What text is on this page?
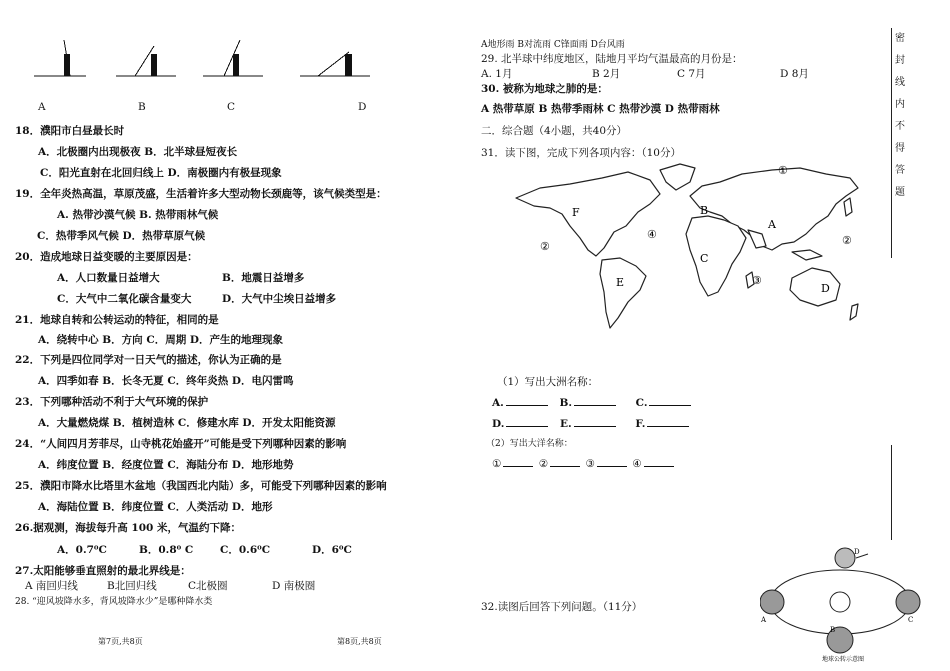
A	B	C	D
18．濮阳市白昼最长时
A．北极圈内出现极夜 B．北半球昼短夜长
C．阳光直射在北回归线上 D．南极圈内有极昼现象
19．全年炎热高温，草原茂盛，生活着许多大型动物长颈鹿等，该气候类型是：
A. 热带沙漠气候 B. 热带雨林气候
C．热带季风气候 D．热带草原气候
20．造成地球日益变暖的主要原因是：
A．人口数量日益增大	B．地震日益增多
C．大气中二氧化碳含量变大	D．大气中尘埃日益增多
21．地球自转和公转运动的特征，相同的是
A．绕转中心 B．方向 C．周期 D．产生的地理现象
22．下列是四位同学对一日天气的描述，你认为正确的是
A．四季如春 B．长冬无夏 C．终年炎热 D．电闪雷鸣
23．下列哪种活动不利于大气环境的保护
A．大量燃烧煤 B．植树造林 C．修建水库 D．开发太阳能资源
24．“人间四月芳菲尽，山寺桃花始盛开”可能是受下列哪种因素的影响
A．纬度位置 B．经度位置 C．海陆分布 D．地形地势
25．濮阳市降水比塔里木盆地（我国西北内陆）多，可能受下列哪种因素的影响
A．海陆位置 B．纬度位置 C．人类活动 D．地形
26.据观测，海拔每升高 100 米，气温约下降：
A．0.7⁰C	B．0.8⁰ C	C．0.6⁰C	D．6⁰C
27.太阳能够垂直照射的最北界线是：
A 南回归线	B北回归线	C北极圈	D 南极圈
28. “迎风坡降水多，背风坡降水少”是哪种降水类
第7页,共8页
A地形雨 B对流雨 C锋面雨 D台风雨
29. 北半球中纬度地区，陆地月平均气温最高的月份是：
A. 1月	B 2月	C 7月	D 8月
30. 被称为地球之肺的是：
A 热带草原 B 热带季雨林 C 热带沙漠 D 热带雨林
二．综合题（4小题，共40分）
31．读下图，完成下列各项内容：（10分）
①
②	②
③
④
A
B
C
D
E
F
（1）写出大洲名称：
A.	B.	C.
D.	E.	F.
（2）写出大洋名称：
①	②	③	④
32.读图后回答下列问题。（11分）
D
A	C
B
地球公转示意图
第8页,共8页
密
封
线
内
不
得
答
题
